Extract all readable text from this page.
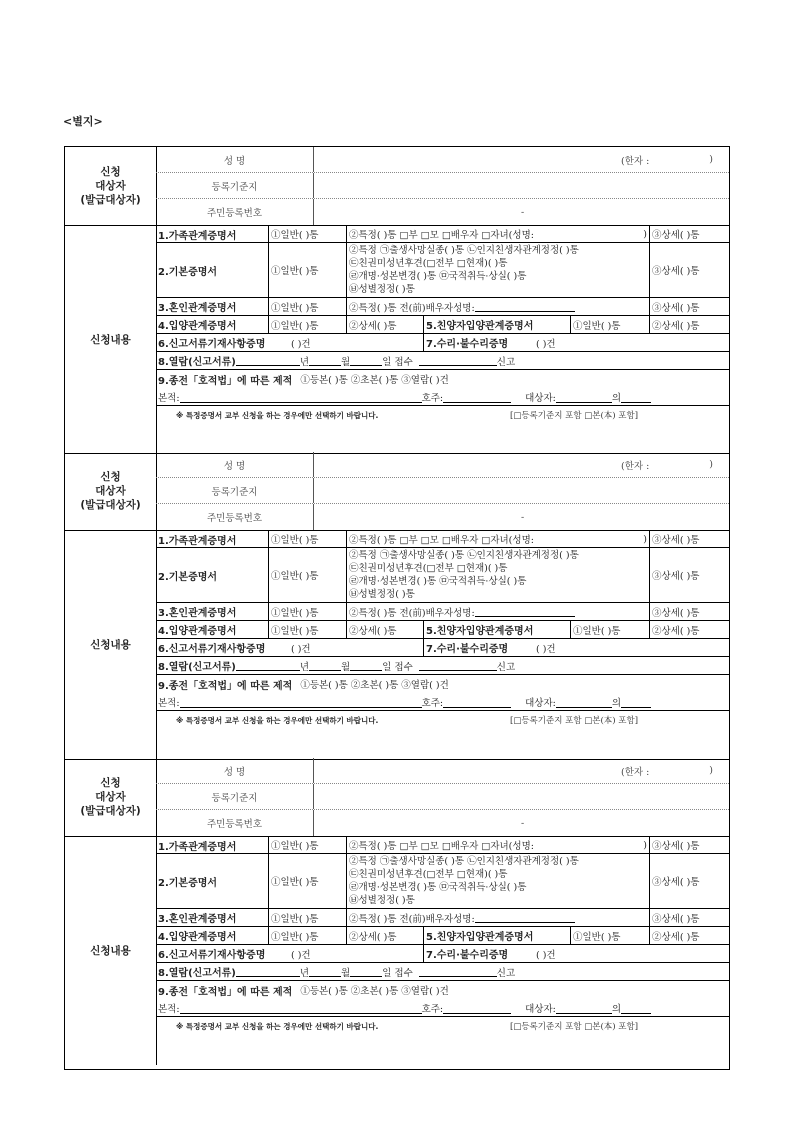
<별지>
신청
대상자
(발급대상자)
성 명	(한자 :	)
등록기준지
주민등록번호	-
신청내용
1.가족관계증명서	①일반( )통	②특정( )통 □부 □모 □배우자 □자녀(성명:	) ③상세( )통
2.기본증명서	①일반( )통
②특정 ㉠출생사망실종( )통 ㉡인지친생자관계정정( )통
㉢친권미성년후견(□전부 □현재)( )통
㉣개명·성본변경( )통 ㉤국적취득·상실( )통
㉥성별정정( )통
③상세( )통
3.혼인관계증명서	①일반( )통	②특정( )통 전(前)배우자성명:	③상세( )통
4.입양관계증명서	①일반( )통	②상세( )통	5.친양자입양관계증명서	①일반( )통	②상세( )통
6.신고서류기재사항증명	( )건	7.수리·불수리증명	( )건
8.열람(신고서류)	년	월	일 접수	신고
9.종전「호적법」에 따른 제적 ①등본( )통 ②초본( )통 ③열람( )건
본적:	호주:	대상자:	의
※ 특정증명서 교부 신청을 하는 경우에만 선택하기 바랍니다.	[□등록기준지 포함 □본(本) 포함]
신청
대상자
(발급대상자)
성 명	(한자 :	)
등록기준지
주민등록번호	-
신청내용
1.가족관계증명서	①일반( )통	②특정( )통 □부 □모 □배우자 □자녀(성명:	) ③상세( )통
2.기본증명서	①일반( )통
②특정 ㉠출생사망실종( )통 ㉡인지친생자관계정정( )통
㉢친권미성년후견(□전부 □현재)( )통
㉣개명·성본변경( )통 ㉤국적취득·상실( )통
㉥성별정정( )통
③상세( )통
3.혼인관계증명서	①일반( )통	②특정( )통 전(前)배우자성명:	③상세( )통
4.입양관계증명서	①일반( )통	②상세( )통	5.친양자입양관계증명서	①일반( )통	②상세( )통
6.신고서류기재사항증명	( )건	7.수리·불수리증명	( )건
8.열람(신고서류)	년	월	일 접수	신고
9.종전「호적법」에 따른 제적 ①등본( )통 ②초본( )통 ③열람( )건
본적:	호주:	대상자:	의
※ 특정증명서 교부 신청을 하는 경우에만 선택하기 바랍니다.	[□등록기준지 포함 □본(本) 포함]
신청
대상자
(발급대상자)
성 명	(한자 :	)
등록기준지
주민등록번호	-
신청내용
1.가족관계증명서	①일반( )통	②특정( )통 □부 □모 □배우자 □자녀(성명:	) ③상세( )통
2.기본증명서	①일반( )통
②특정 ㉠출생사망실종( )통 ㉡인지친생자관계정정( )통
㉢친권미성년후견(□전부 □현재)( )통
㉣개명·성본변경( )통 ㉤국적취득·상실( )통
㉥성별정정( )통
③상세( )통
3.혼인관계증명서	①일반( )통	②특정( )통 전(前)배우자성명:	③상세( )통
4.입양관계증명서	①일반( )통	②상세( )통	5.친양자입양관계증명서	①일반( )통	②상세( )통
6.신고서류기재사항증명	( )건	7.수리·불수리증명	( )건
8.열람(신고서류)	년	월	일 접수	신고
9.종전「호적법」에 따른 제적 ①등본( )통 ②초본( )통 ③열람( )건
본적:	호주:	대상자:	의
※ 특정증명서 교부 신청을 하는 경우에만 선택하기 바랍니다.	[□등록기준지 포함 □본(本) 포함]
